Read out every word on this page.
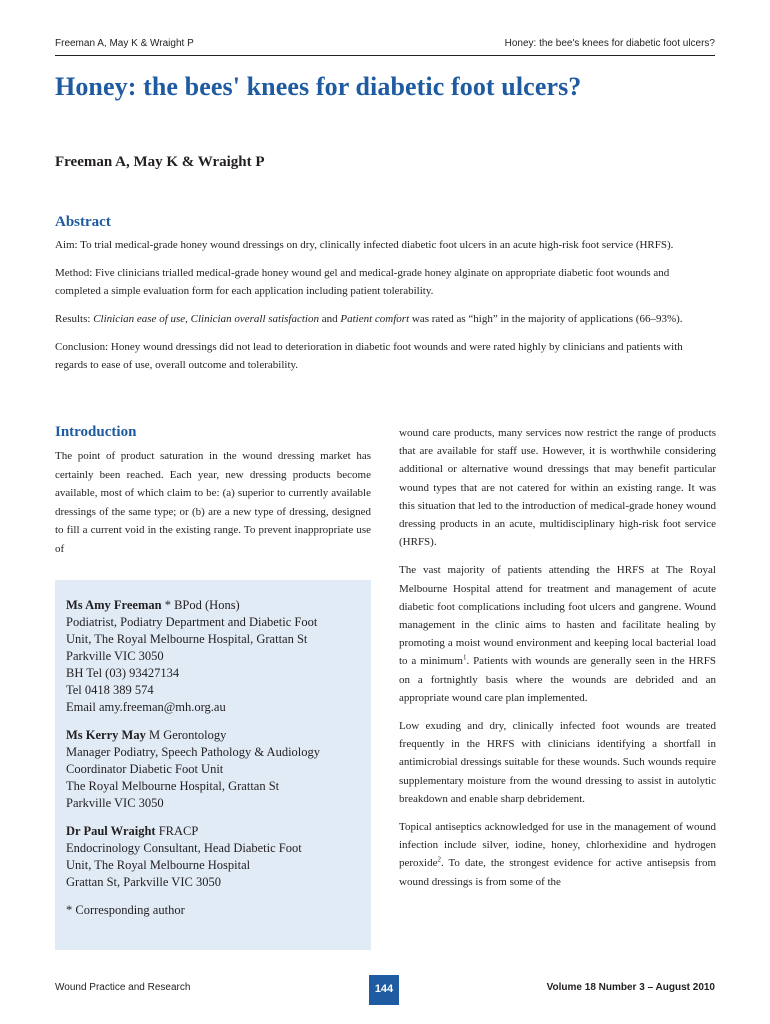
Freeman A, May K & Wraight P	Honey: the bee's knees for diabetic foot ulcers?
Honey: the bees' knees for diabetic foot ulcers?
Freeman A, May K & Wraight P
Abstract

Aim: To trial medical-grade honey wound dressings on dry, clinically infected diabetic foot ulcers in an acute high-risk foot service (HRFS).

Method: Five clinicians trialled medical-grade honey wound gel and medical-grade honey alginate on appropriate diabetic foot wounds and completed a simple evaluation form for each application including patient tolerability.

Results: Clinician ease of use, Clinician overall satisfaction and Patient comfort was rated as “high” in the majority of applications (66–93%).

Conclusion: Honey wound dressings did not lead to deterioration in diabetic foot wounds and were rated highly by clinicians and patients with regards to ease of use, overall outcome and tolerability.

Introduction

The point of product saturation in the wound dressing market has certainly been reached. Each year, new dressing products become available, most of which claim to be: (a) superior to currently available dressings of the same type; or (b) are a new type of dressing, designed to fill a current void in the existing range. To prevent inappropriate use of

Ms Amy Freeman * BPod (Hons)
Podiatrist, Podiatry Department and Diabetic Foot
Unit, The Royal Melbourne Hospital, Grattan St
Parkville VIC 3050
BH Tel (03) 93427134
Tel 0418 389 574
Email amy.freeman@mh.org.au
Ms Kerry May M Gerontology
Manager Podiatry, Speech Pathology & Audiology
Coordinator Diabetic Foot Unit
The Royal Melbourne Hospital, Grattan St
Parkville VIC 3050
Dr Paul Wraight FRACP
Endocrinology Consultant, Head Diabetic Foot
Unit, The Royal Melbourne Hospital
Grattan St, Parkville VIC 3050
* Corresponding author

wound care products, many services now restrict the range of products that are available for staff use. However, it is worthwhile considering additional or alternative wound dressings that may benefit particular wound types that are not catered for within an existing range. It was this situation that led to the introduction of medical-grade honey wound dressing products in an acute, multidisciplinary high-risk foot service (HRFS).

The vast majority of patients attending the HRFS at The Royal Melbourne Hospital attend for treatment and management of acute diabetic foot complications including foot ulcers and gangrene. Wound management in the clinic aims to hasten and facilitate healing by promoting a moist wound environment and keeping local bacterial load to a minimum$^1$. Patients with wounds are generally seen in the HRFS on a fortnightly basis where the wounds are debrided and an appropriate wound care plan implemented.

Low exuding and dry, clinically infected foot wounds are treated frequently in the HRFS with clinicians identifying a shortfall in antimicrobial dressings suitable for these wounds. Such wounds require supplementary moisture from the wound dressing to assist in autolytic breakdown and enable sharp debridement.

Topical antiseptics acknowledged for use in the management of wound infection include silver, iodine, honey, chlorhexidine and hydrogen peroxide$^2$. To date, the strongest evidence for active antisepsis from wound dressings is from some of the

Wound Practice and Research	Volume 18 Number 3 – August 2010
144
